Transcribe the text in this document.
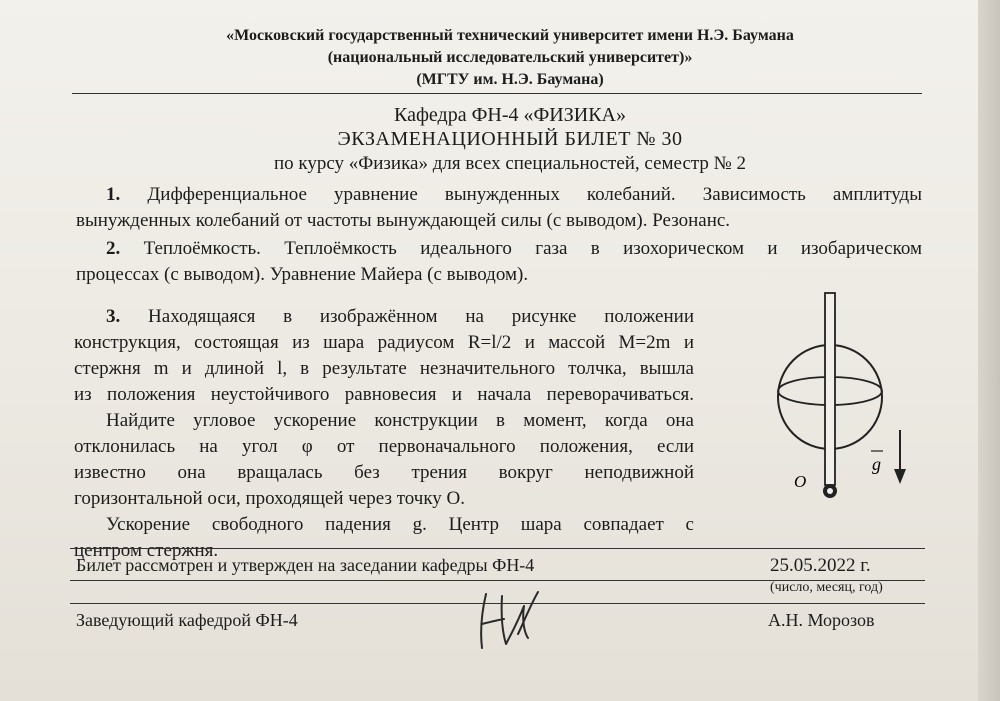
«Московский государственный технический университет имени Н.Э. Баумана
(национальный исследовательский университет)»
(МГТУ им. Н.Э. Баумана)
Кафедра ФН-4 «ФИЗИКА»
ЭКЗАМЕНАЦИОННЫЙ БИЛЕТ № 30
по курсу «Физика» для всех специальностей, семестр № 2
1. Дифференциальное уравнение вынужденных колебаний. Зависимость амплитуды
вынужденных колебаний от частоты вынуждающей силы (с выводом). Резонанс.
2. Теплоёмкость. Теплоёмкость идеального газа в изохорическом и изобарическом
процессах (с выводом). Уравнение Майера (с выводом).
3. Находящаяся в изображённом на рисунке положении
конструкция, состоящая из шара радиусом R=l/2 и массой M=2m и
стержня m и длиной l, в результате незначительного толчка, вышла
из положения неустойчивого равновесия и начала переворачиваться.
Найдите угловое ускорение конструкции в момент, когда она
отклонилась на угол φ от первоначального положения, если
известно она вращалась без трения вокруг неподвижной
горизонтальной оси, проходящей через точку O.
Ускорение свободного падения g. Центр шара совпадает с
центром стержня.
O
g
Билет рассмотрен и утвержден на заседании кафедры ФН-4	25.05.2022 г.
(число, месяц, год)
Заведующий кафедрой ФН-4	А.Н. Морозов
